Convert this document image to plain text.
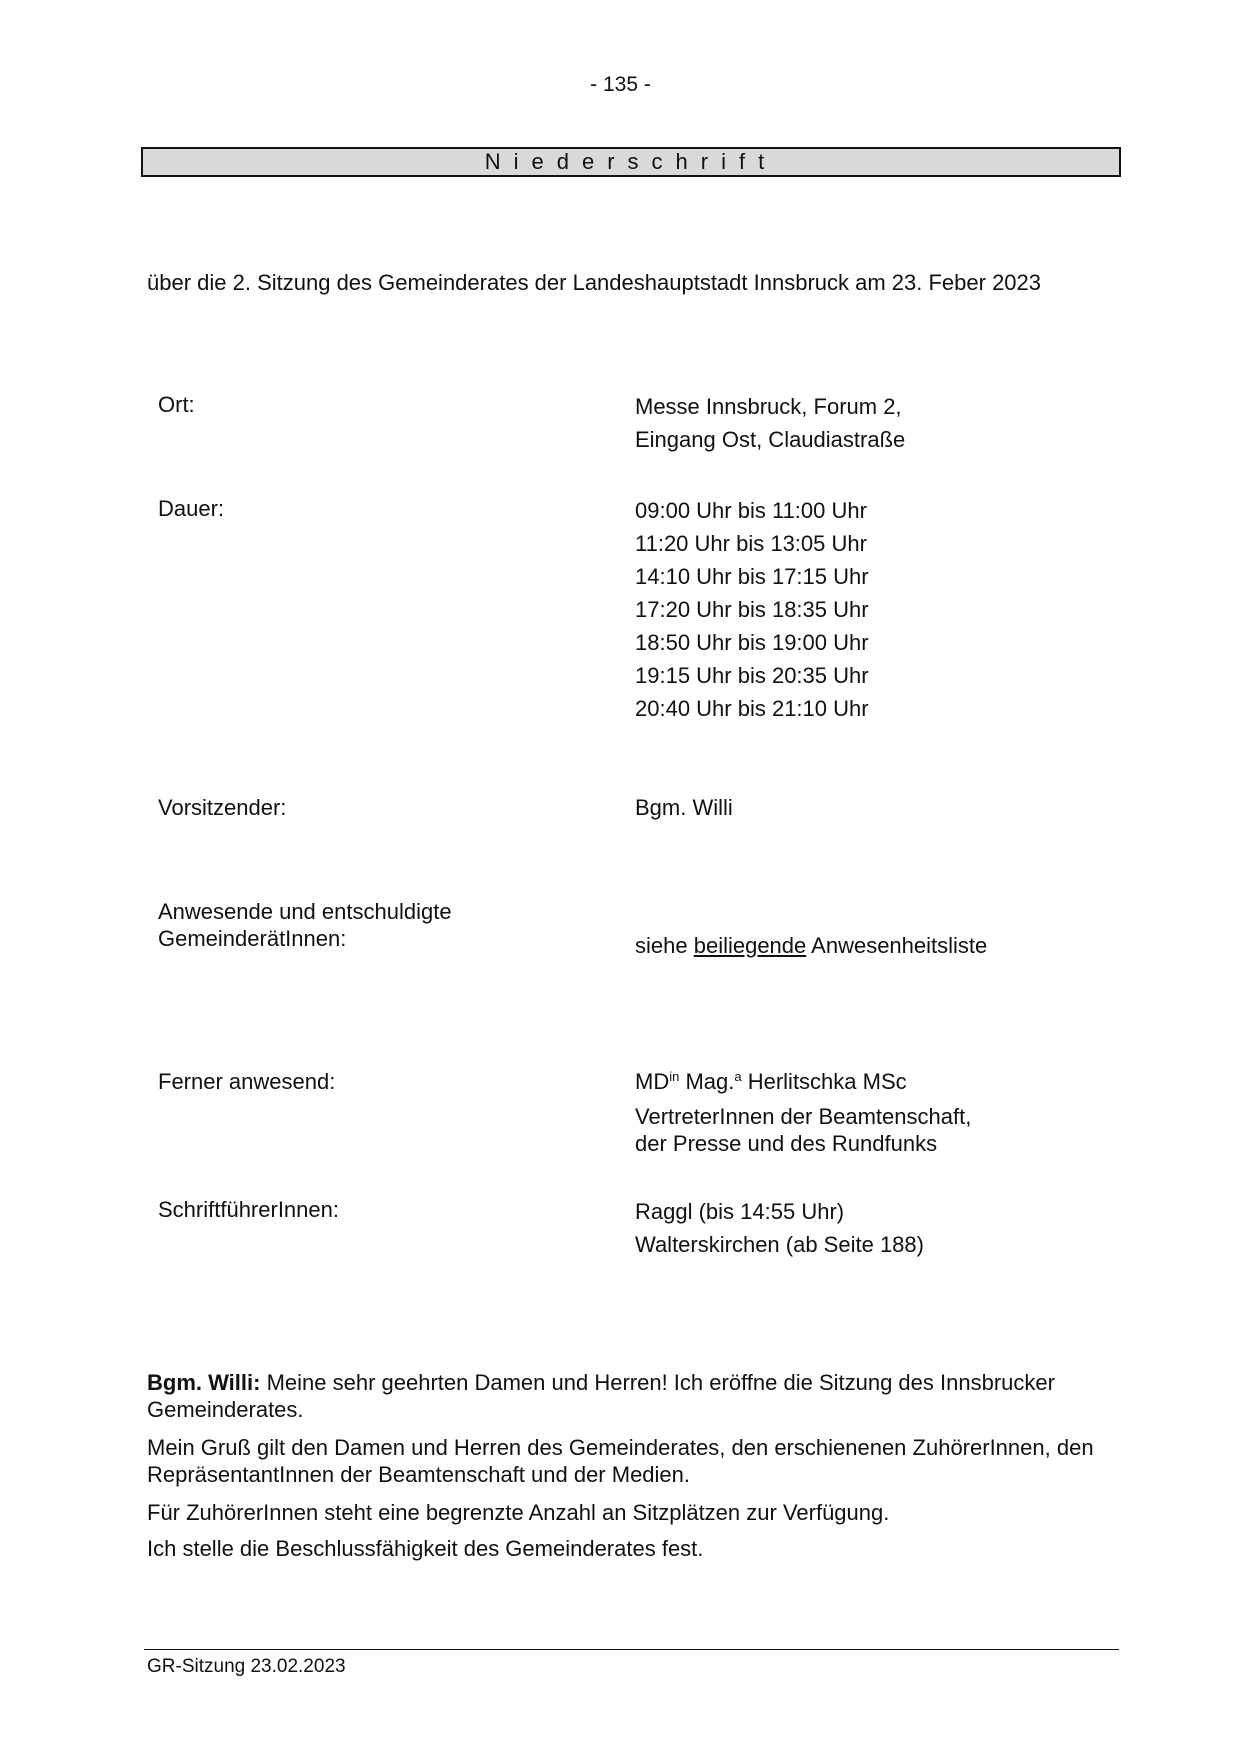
- 135 -
Niederschrift
über die 2. Sitzung des Gemeinderates der Landeshauptstadt Innsbruck am 23. Feber 2023
Ort:	Messe Innsbruck, Forum 2,
Eingang Ost, Claudiastraße
Dauer:	09:00 Uhr bis 11:00 Uhr
11:20 Uhr bis 13:05 Uhr
14:10 Uhr bis 17:15 Uhr
17:20 Uhr bis 18:35 Uhr
18:50 Uhr bis 19:00 Uhr
19:15 Uhr bis 20:35 Uhr
20:40 Uhr bis 21:10 Uhr
Vorsitzender:	Bgm. Willi
Anwesende und entschuldigte
GemeinderätInnen:	siehe beiliegende Anwesenheitsliste
Ferner anwesend:	$MD^{in}$ Mag.$^a$ Herlitschka MSc
VertreterInnen der Beamtenschaft,
der Presse und des Rundfunks
SchriftführerInnen:	Raggl (bis 14:55 Uhr)
Walterskirchen (ab Seite 188)
Bgm. Willi: Meine sehr geehrten Damen und Herren! Ich eröffne die Sitzung des Innsbrucker Gemeinderates.
Mein Gruß gilt den Damen und Herren des Gemeinderates, den erschienenen ZuhörerInnen, den RepräsentantInnen der Beamtenschaft und der Medien.
Für ZuhörerInnen steht eine begrenzte Anzahl an Sitzplätzen zur Verfügung.
Ich stelle die Beschlussfähigkeit des Gemeinderates fest.
GR-Sitzung 23.02.2023
